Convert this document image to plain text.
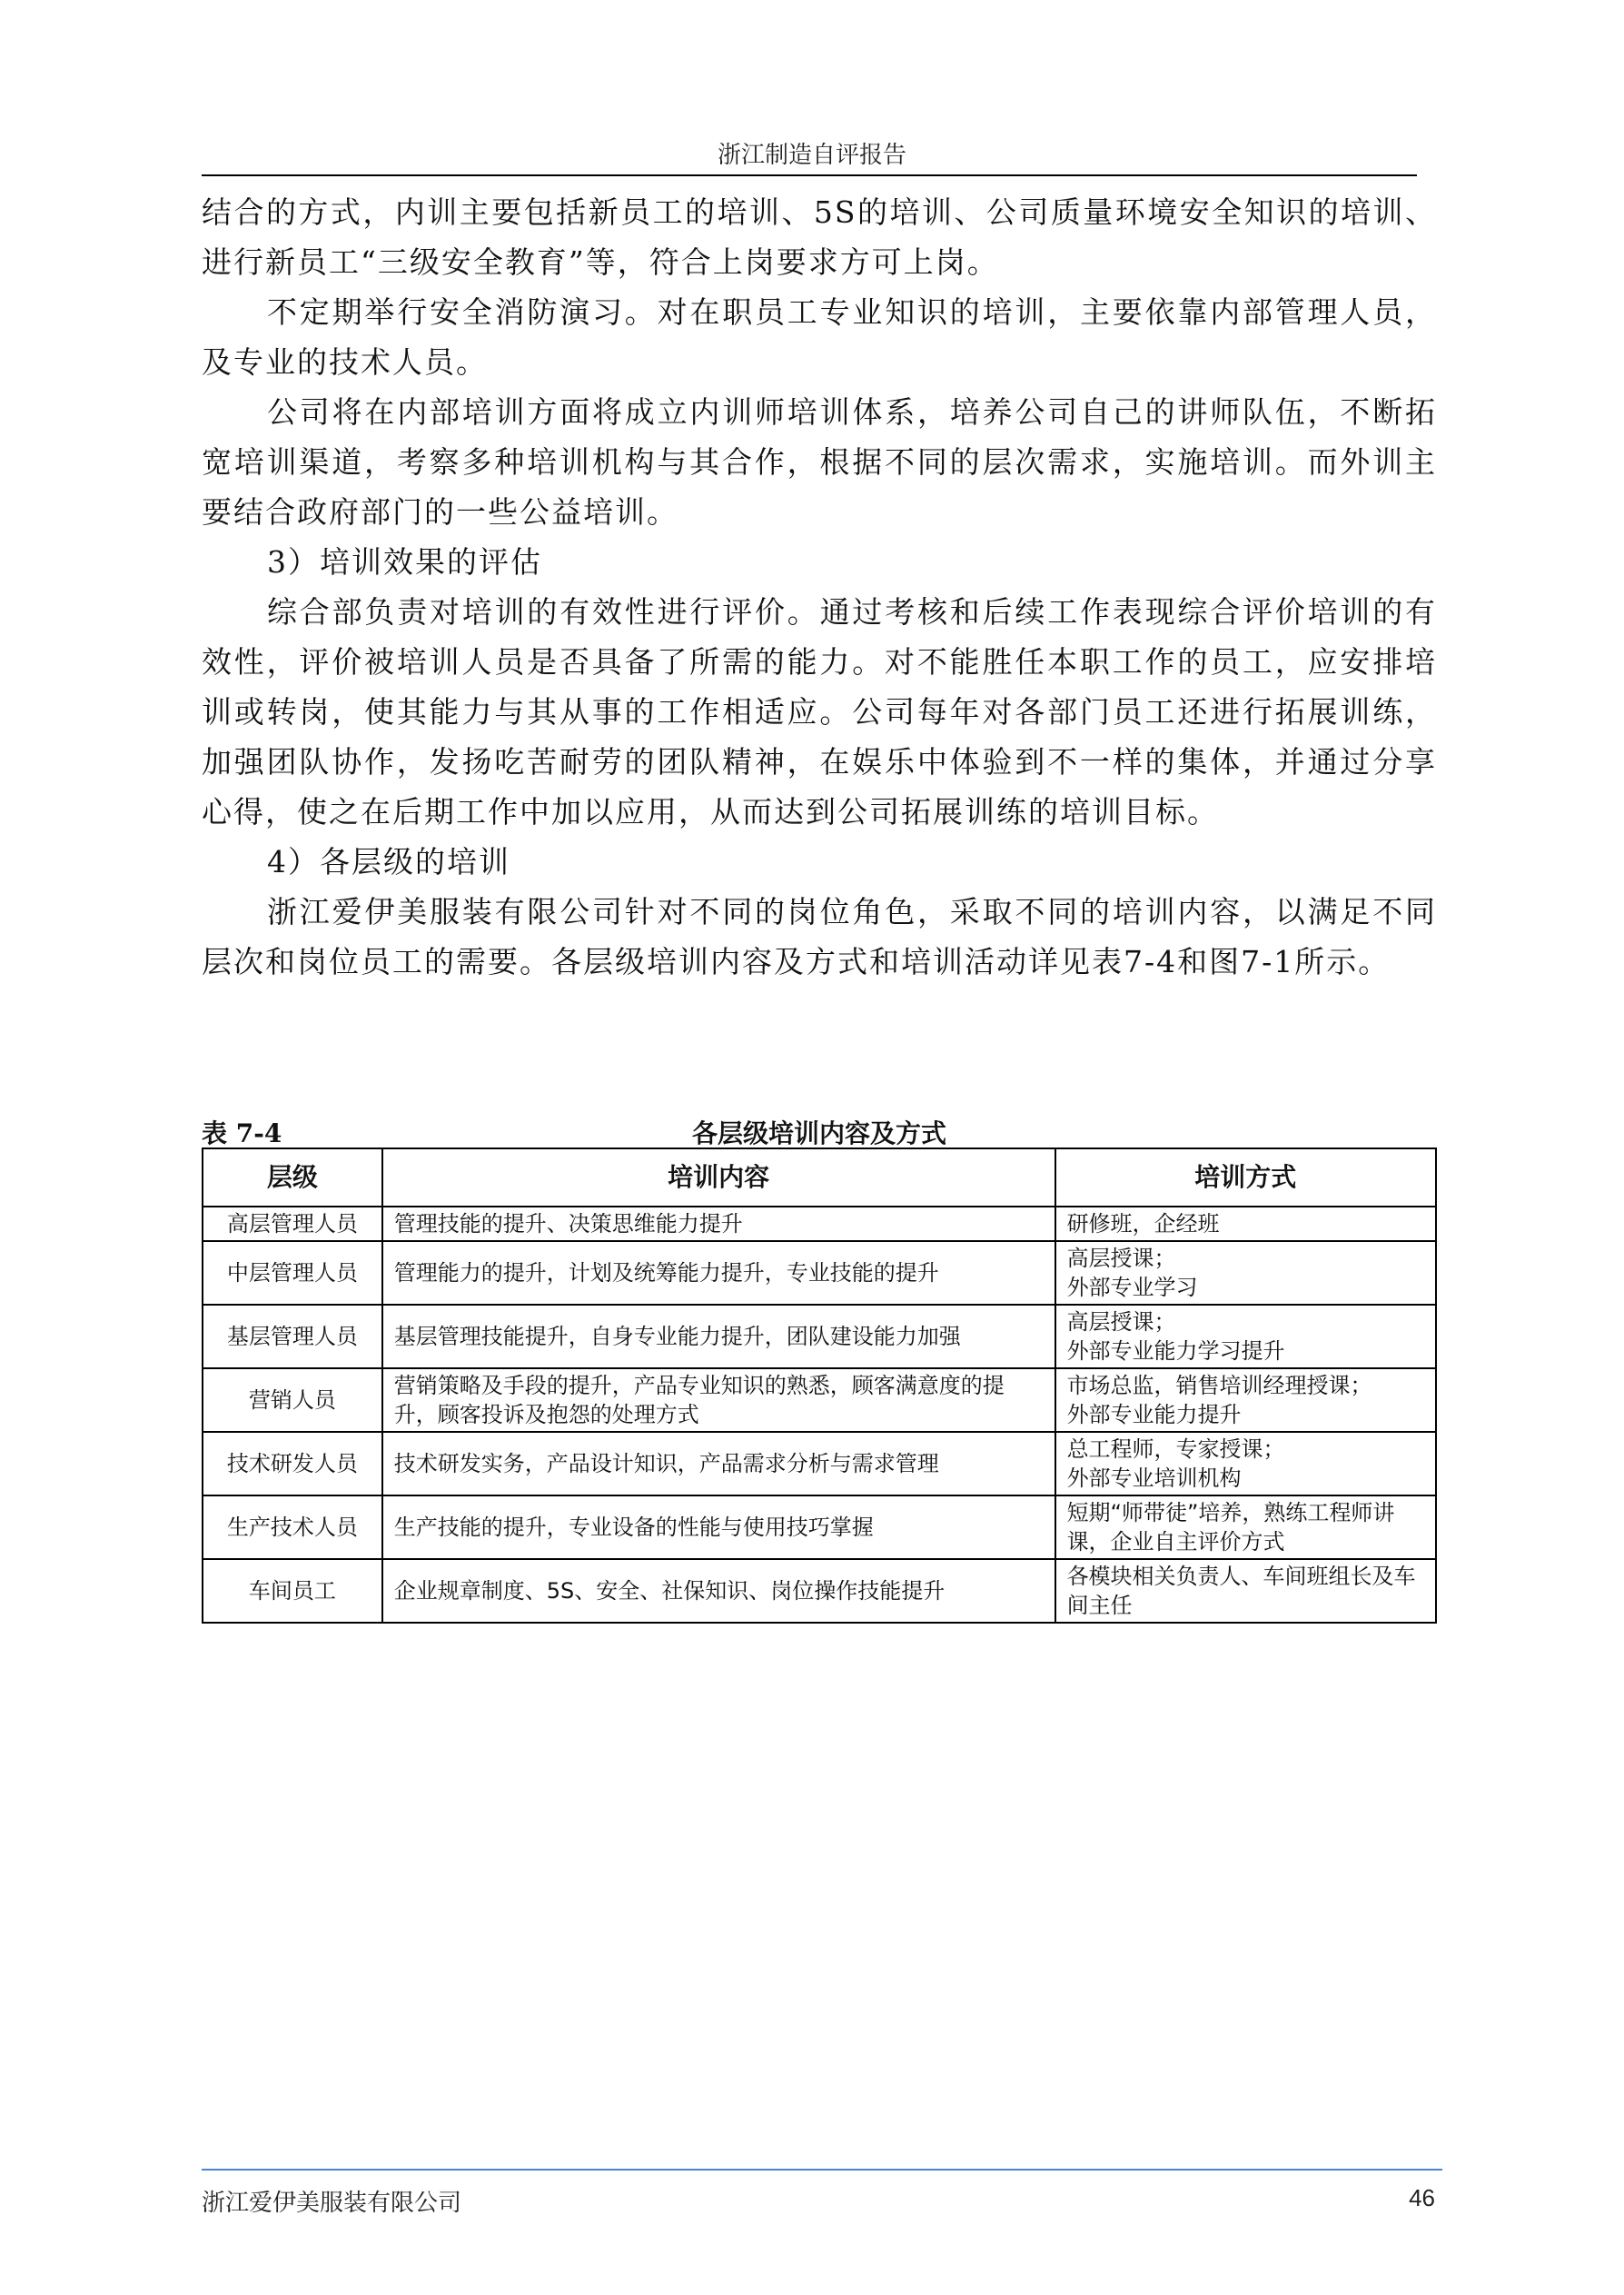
浙江制造自评报告

结合的方式，内训主要包括新员工的培训、5S的培训、公司质量环境安全知识的培训、进行新员工“三级安全教育”等，符合上岗要求方可上岗。

不定期举行安全消防演习。对在职员工专业知识的培训，主要依靠内部管理人员，及专业的技术人员。

公司将在内部培训方面将成立内训师培训体系，培养公司自己的讲师队伍，不断拓宽培训渠道，考察多种培训机构与其合作，根据不同的层次需求，实施培训。而外训主要结合政府部门的一些公益培训。

3）培训效果的评估

综合部负责对培训的有效性进行评价。通过考核和后续工作表现综合评价培训的有效性，评价被培训人员是否具备了所需的能力。对不能胜任本职工作的员工，应安排培训或转岗，使其能力与其从事的工作相适应。公司每年对各部门员工还进行拓展训练，加强团队协作，发扬吃苦耐劳的团队精神，在娱乐中体验到不一样的集体，并通过分享心得，使之在后期工作中加以应用，从而达到公司拓展训练的培训目标。

4）各层级的培训

浙江爱伊美服装有限公司针对不同的岗位角色，采取不同的培训内容，以满足不同层次和岗位员工的需要。各层级培训内容及方式和培训活动详见表7-4和图7-1所示。

各层级培训内容及方式
表 7-4
层级	培训内容	培训方式
高层管理人员	管理技能的提升、决策思维能力提升	研修班，企经班
中层管理人员	管理能力的提升，计划及统筹能力提升，专业技能的提升	高层授课；
外部专业学习
基层管理人员	基层管理技能提升，自身专业能力提升，团队建设能力加强	高层授课；
外部专业能力学习提升
营销人员	营销策略及手段的提升，产品专业知识的熟悉，顾客满意度的提升，顾客投诉及抱怨的处理方式	市场总监，销售培训经理授课；
外部专业能力提升
技术研发人员	技术研发实务，产品设计知识，产品需求分析与需求管理	总工程师，专家授课；
外部专业培训机构
生产技术人员	生产技能的提升，专业设备的性能与使用技巧掌握	短期“师带徒”培养，熟练工程师讲课，企业自主评价方式
车间员工	企业规章制度、5S、安全、社保知识、岗位操作技能提升	各模块相关负责人、车间班组长及车间主任
浙江爱伊美服装有限公司	46
